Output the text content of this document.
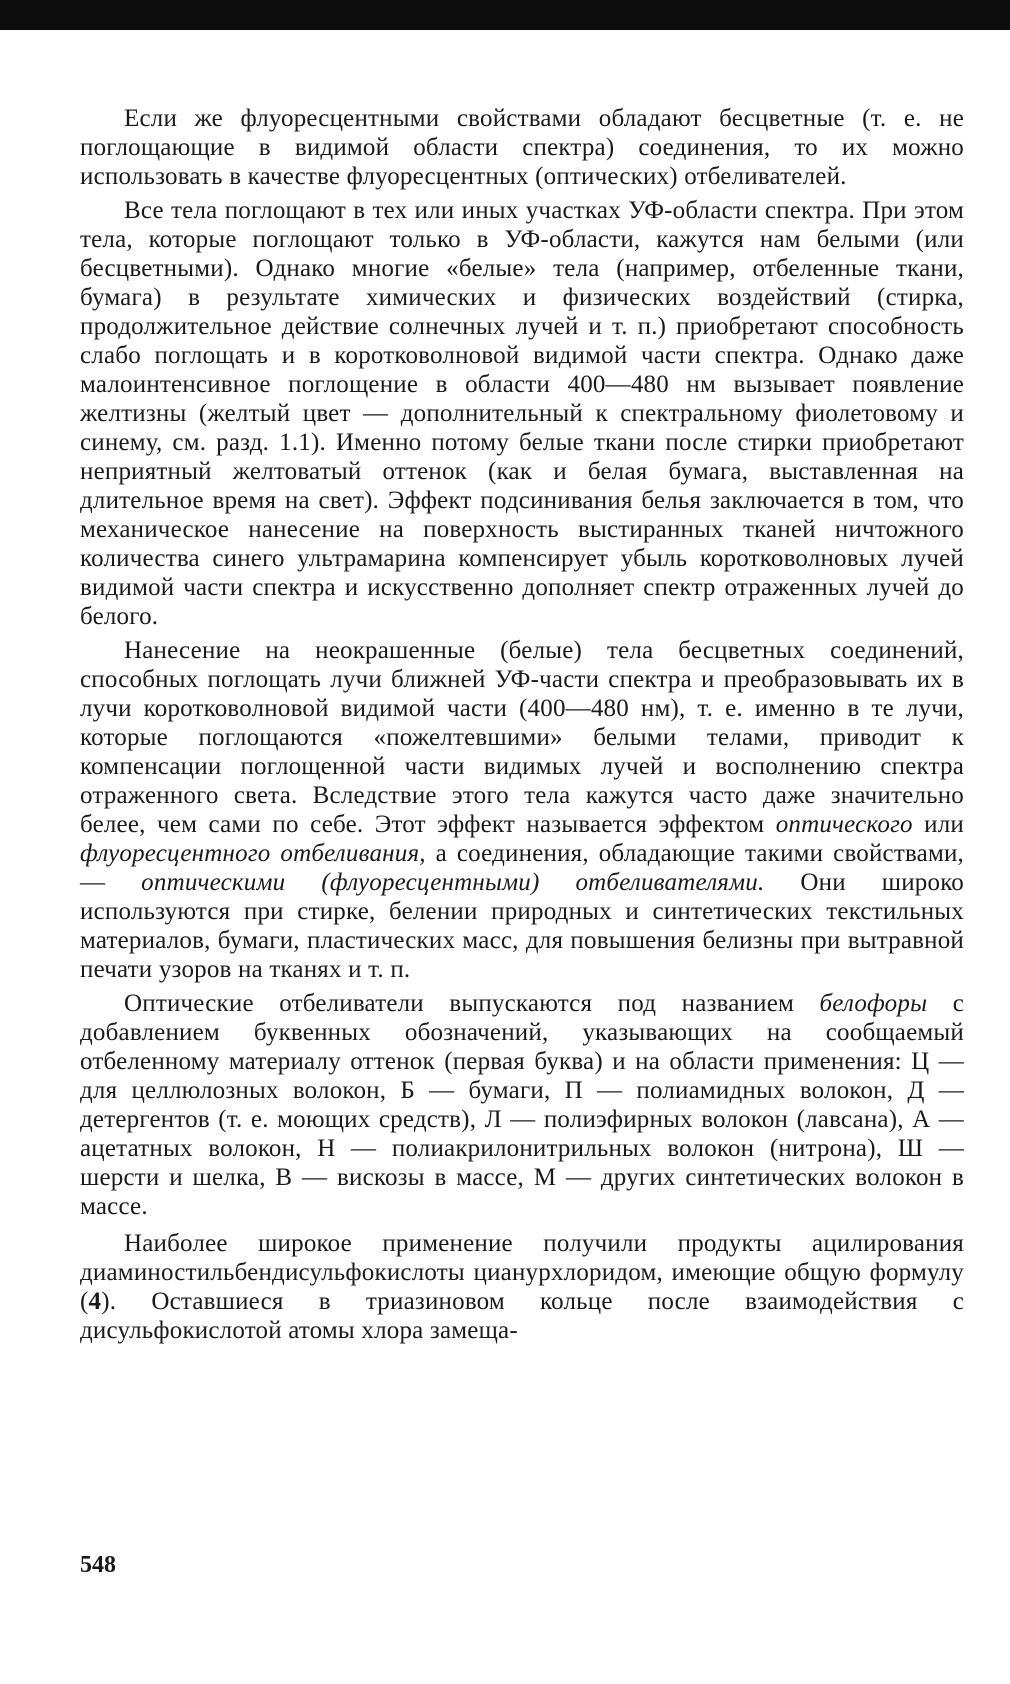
Если же флуоресцентными свойствами обладают бесцветные (т. е. не поглощающие в видимой области спектра) соединения, то их можно использовать в качестве флуоресцентных (оптических) отбеливателей.

Все тела поглощают в тех или иных участках УФ-области спектра. При этом тела, которые поглощают только в УФ-области, кажутся нам белыми (или бесцветными). Однако многие «белые» тела (например, отбеленные ткани, бумага) в результате химических и физических воздействий (стирка, продолжительное действие солнечных лучей и т. п.) приобретают способность слабо поглощать и в коротковолновой видимой части спектра. Однако даже малоинтенсивное поглощение в области 400—480 нм вызывает появление желтизны (желтый цвет — дополнительный к спектральному фиолетовому и синему, см. разд. 1.1). Именно потому белые ткани после стирки приобретают неприятный желтоватый оттенок (как и белая бумага, выставленная на длительное время на свет). Эффект подсинивания белья заключается в том, что механическое нанесение на поверхность выстиранных тканей ничтожного количества синего ультрамарина компенсирует убыль коротковолновых лучей видимой части спектра и искусственно дополняет спектр отраженных лучей до белого.

Нанесение на неокрашенные (белые) тела бесцветных соединений, способных поглощать лучи ближней УФ-части спектра и преобразовывать их в лучи коротковолновой видимой части (400—480 нм), т. е. именно в те лучи, которые поглощаются «пожелтевшими» белыми телами, приводит к компенсации поглощенной части видимых лучей и восполнению спектра отраженного света. Вследствие этого тела кажутся часто даже значительно белее, чем сами по себе. Этот эффект называется эффектом оптического или флуоресцентного отбеливания, а соединения, обладающие такими свойствами, — оптическими (флуоресцентными) отбеливателями. Они широко используются при стирке, белении природных и синтетических текстильных материалов, бумаги, пластических масс, для повышения белизны при вытравной печати узоров на тканях и т. п.

Оптические отбеливатели выпускаются под названием белофоры с добавлением буквенных обозначений, указывающих на сообщаемый отбеленному материалу оттенок (первая буква) и на области применения: Ц — для целлюлозных волокон, Б — бумаги, П — полиамидных волокон, Д — детергентов (т. е. моющих средств), Л — полиэфирных волокон (лавсана), А — ацетатных волокон, Н — полиакрилонитрильных волокон (нитрона), Ш — шерсти и шелка, В — вискозы в массе, М — других синтетических волокон в массе.

Наиболее широкое применение получили продукты ацилирования диаминостильбендисульфокислоты цианурхлоридом, имеющие общую формулу (4). Оставшиеся в триазиновом кольце после взаимодействия с дисульфокислотой атомы хлора замеща-

548
